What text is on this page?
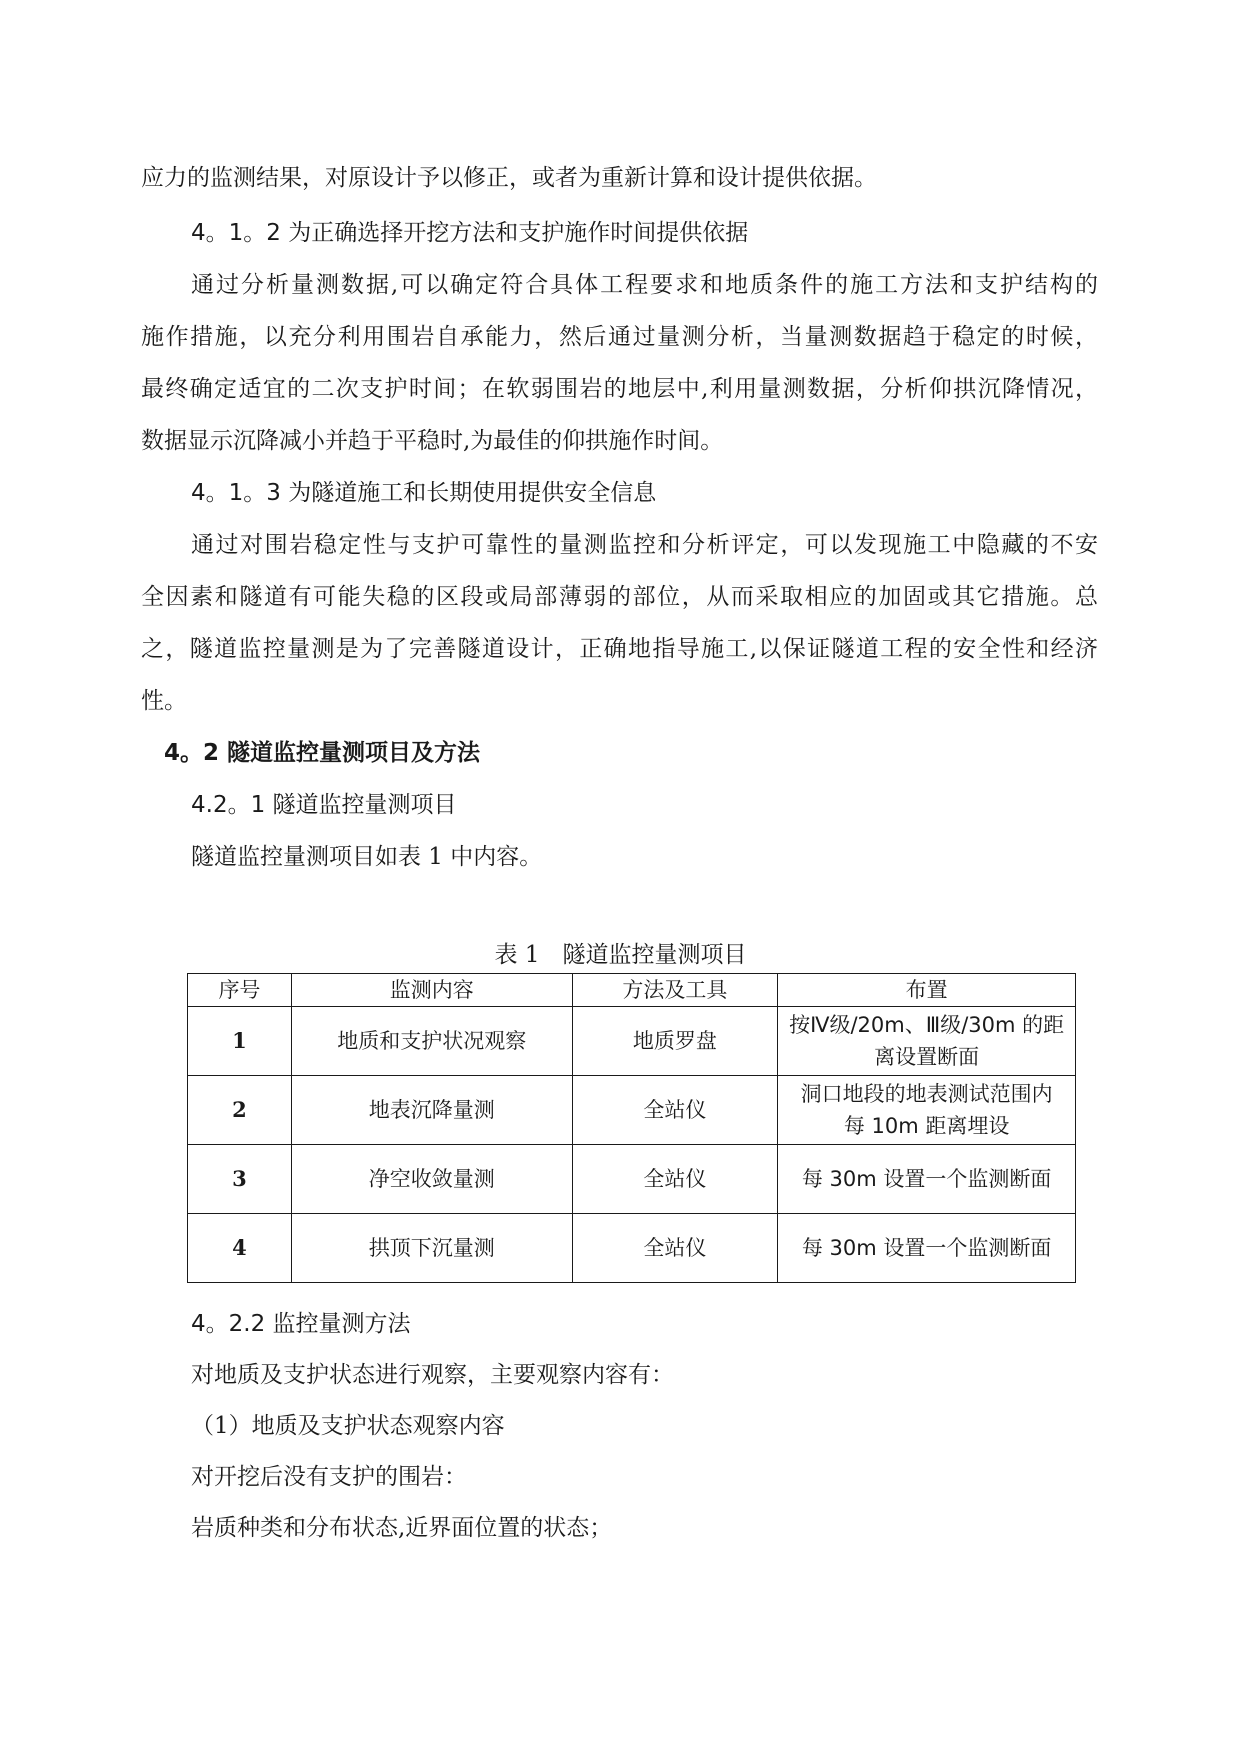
应力的监测结果，对原设计予以修正，或者为重新计算和设计提供依据。
4。1。2 为正确选择开挖方法和支护施作时间提供依据
通过分析量测数据,可以确定符合具体工程要求和地质条件的施工方法和支护结构的
施作措施，以充分利用围岩自承能力，然后通过量测分析，当量测数据趋于稳定的时候，
最终确定适宜的二次支护时间；在软弱围岩的地层中,利用量测数据，分析仰拱沉降情况，
数据显示沉降减小并趋于平稳时,为最佳的仰拱施作时间。
4。1。3 为隧道施工和长期使用提供安全信息
通过对围岩稳定性与支护可靠性的量测监控和分析评定，可以发现施工中隐藏的不安
全因素和隧道有可能失稳的区段或局部薄弱的部位，从而采取相应的加固或其它措施。总
之，隧道监控量测是为了完善隧道设计，正确地指导施工,以保证隧道工程的安全性和经济
性。
4。2 隧道监控量测项目及方法
4.2。1 隧道监控量测项目
隧道监控量测项目如表 1 中内容。
表 1　隧道监控量测项目
序号	监测内容	方法及工具	布置
1	地质和支护状况观察	地质罗盘	按Ⅳ级/20m、Ⅲ级/30m 的距
离设置断面

2	地表沉降量测	全站仪	洞口地段的地表测试范围内
每 10m 距离埋设

3	净空收敛量测	全站仪	每 30m 设置一个监测断面

4	拱顶下沉量测	全站仪	每 30m 设置一个监测断面
4。2.2 监控量测方法
对地质及支护状态进行观察，主要观察内容有：
（1）地质及支护状态观察内容
对开挖后没有支护的围岩：
岩质种类和分布状态,近界面位置的状态；
